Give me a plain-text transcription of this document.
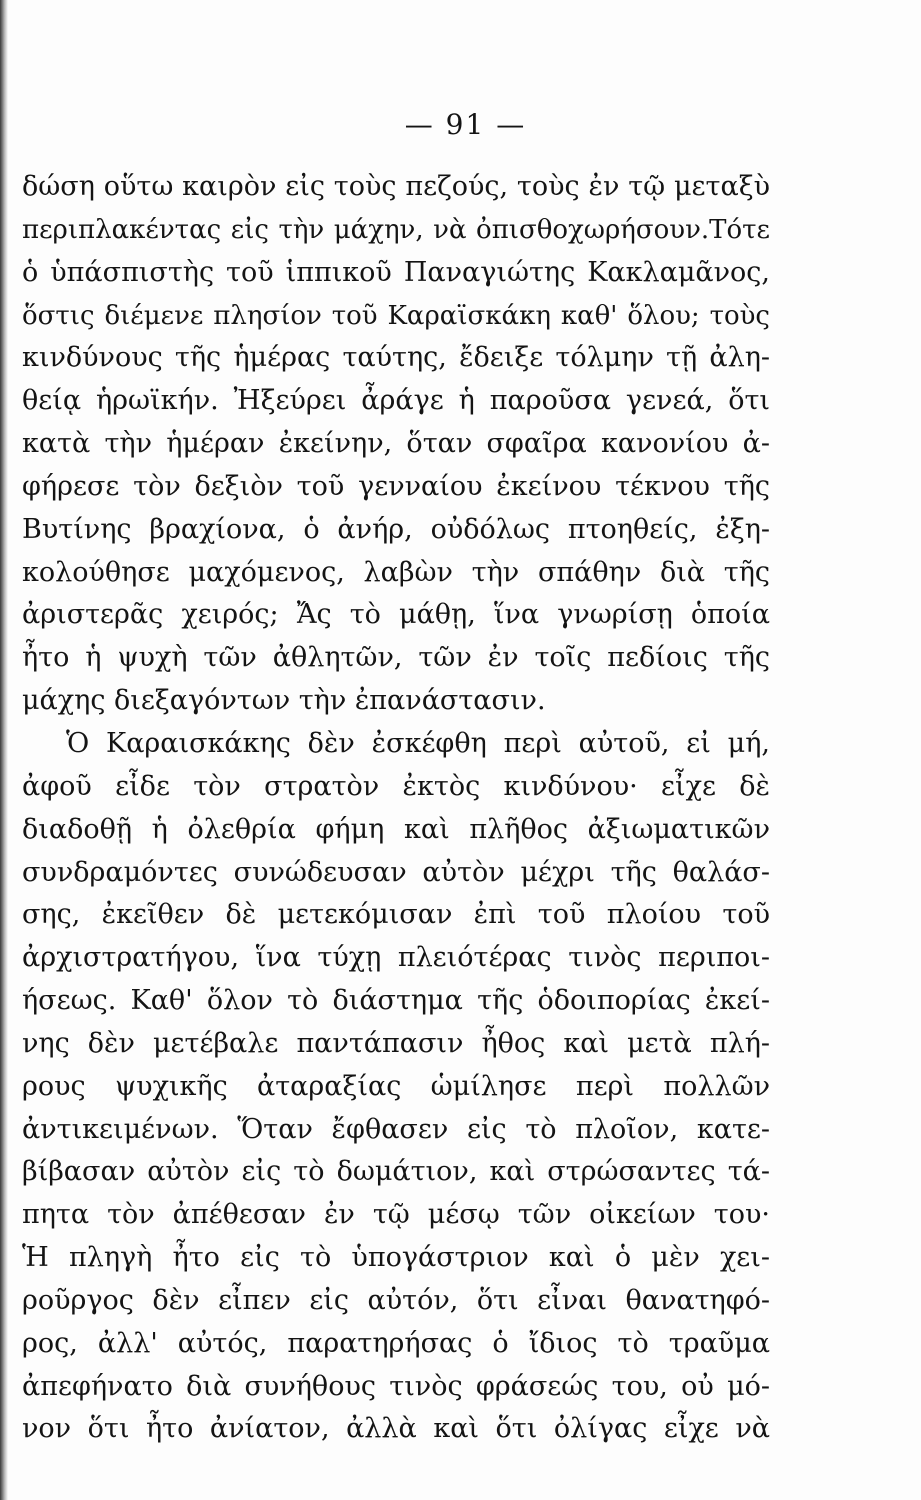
— 91 —
δώση οὕτω καιρὸν εἰς τοὺς πεζούς, τοὺς ἐν τῷ μεταξὺ
περιπλακέντας εἰς τὴν μάχην, νὰ ὀπισθοχωρήσουν.Τότε
ὁ ὑπάσπιστὴς τοῦ ἱππικοῦ Παναγιώτης Κακλαμᾶνος,
ὅστις διέμενε πλησίον τοῦ Καραϊσκάκη καθ' ὅλου; τοὺς
κινδύνους τῆς ἡμέρας ταύτης, ἔδειξε τόλμην τῇ ἀλη-
θείᾳ ἡρωϊκήν. Ἠξεύρει ἆράγε ἡ παροῦσα γενεά, ὅτι
κατὰ τὴν ἡμέραν ἐκείνην, ὅταν σφαῖρα κανονίου ἀ-
φήρεσε τὸν δεξιὸν τοῦ γενναίου ἐκείνου τέκνου τῆς
Βυτίνης βραχίονα, ὁ ἀνήρ, οὐδόλως πτοηθείς, ἐξη-
κολούθησε μαχόμενος, λαβὼν τὴν σπάθην διὰ τῆς
ἀριστερᾶς χειρός; Ἄς τὸ μάθῃ, ἵνα γνωρίσῃ ὁποία
ἦτο ἡ ψυχὴ τῶν ἀθλητῶν, τῶν ἐν τοῖς πεδίοις τῆς
μάχης διεξαγόντων τὴν ἐπανάστασιν.
Ὁ Καραισκάκης δὲν ἐσκέφθη περὶ αὐτοῦ, εἰ μή,
ἀφοῦ εἶδε τὸν στρατὸν ἐκτὸς κινδύνου· εἶχε δὲ
διαδοθῇ ἡ ὀλεθρία φήμη καὶ πλῆθος ἀξιωματικῶν
συνδραμόντες συνώδευσαν αὐτὸν μέχρι τῆς θαλάσ-
σης, ἐκεῖθεν δὲ μετεκόμισαν ἐπὶ τοῦ πλοίου τοῦ
ἀρχιστρατήγου, ἵνα τύχῃ πλειότέρας τινὸς περιποι-
ήσεως. Καθ' ὅλον τὸ διάστημα τῆς ὁδοιπορίας ἐκεί-
νης δὲν μετέβαλε παντάπασιν ἦθος καὶ μετὰ πλή-
ρους ψυχικῆς ἀταραξίας ὡμίλησε περὶ πολλῶν
ἀντικειμένων. Ὅταν ἔφθασεν εἰς τὸ πλοῖον, κατε-
βίβασαν αὐτὸν εἰς τὸ δωμάτιον, καὶ στρώσαντες τά-
πητα τὸν ἀπέθεσαν ἐν τῷ μέσῳ τῶν οἰκείων του·
Ἡ πληγὴ ἦτο εἰς τὸ ὑπογάστριον καὶ ὁ μὲν χει-
ροῦργος δὲν εἶπεν εἰς αὐτόν, ὅτι εἶναι θανατηφό-
ρος, ἀλλ' αὐτός, παρατηρήσας ὁ ἴδιος τὸ τραῦμα
ἀπεφήνατο διὰ συνήθους τινὸς φράσεώς του, οὐ μό-
νον ὅτι ἦτο ἀνίατον, ἀλλὰ καὶ ὅτι ὀλίγας εἶχε νὰ
